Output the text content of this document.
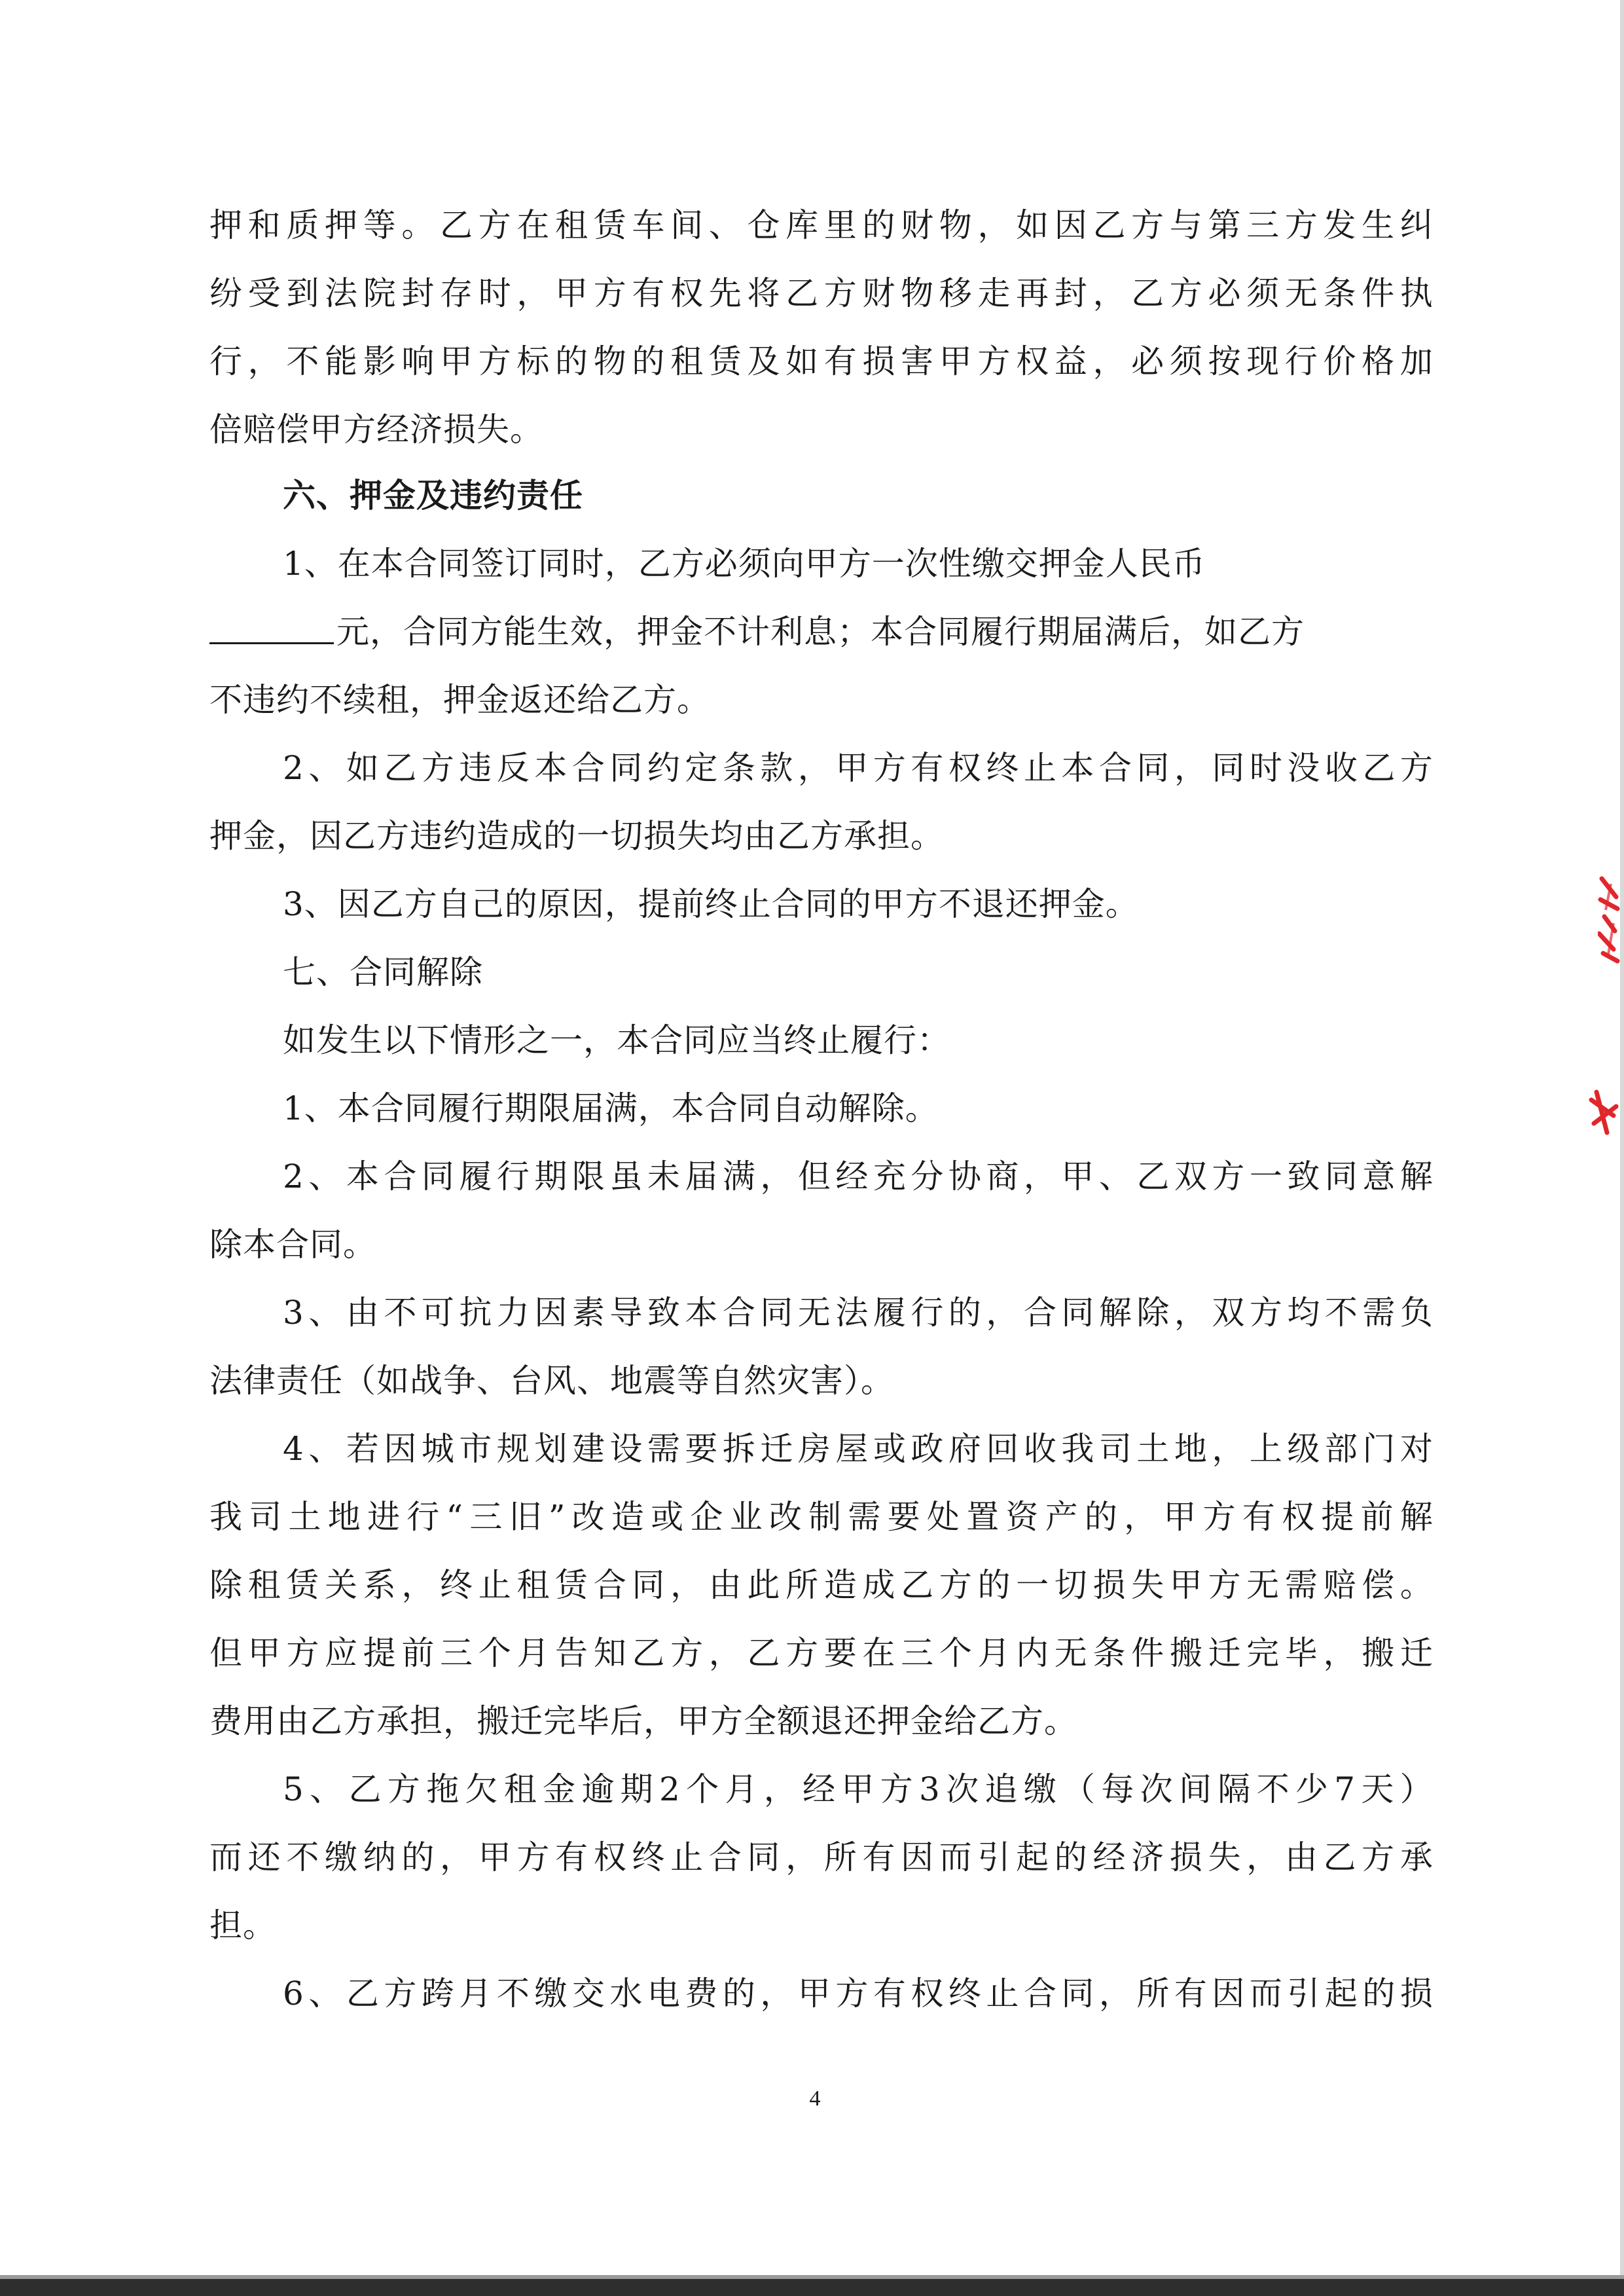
押 和 质 押 等 。 乙 方 在 租 赁 车 间 、 仓 库 里 的 财 物 ， 如 因 乙 方 与 第 三 方 发 生 纠
纷 受 到 法 院 封 存 时 ， 甲 方 有 权 先 将 乙 方 财 物 移 走 再 封 ， 乙 方 必 须 无 条 件 执
行 ， 不 能 影 响 甲 方 标 的 物 的 租 赁 及 如 有 损 害 甲 方 权 益 ， 必 须 按 现 行 价 格 加
倍赔偿甲方经济损失。
六、押金及违约责任
1、在本合同签订同时，乙方必须向甲方一次性缴交押金人民币
元，合同方能生效，押金不计利息；本合同履行期届满后，如乙方
不违约不续租，押金返还给乙方。
2 、 如 乙 方 违 反 本 合 同 约 定 条 款 ， 甲 方 有 权 终 止 本 合 同 ， 同 时 没 收 乙 方
押金，因乙方违约造成的一切损失均由乙方承担。
3、因乙方自己的原因，提前终止合同的甲方不退还押金。
七、合同解除
如发生以下情形之一，本合同应当终止履行：
1、本合同履行期限届满，本合同自动解除。
2 、 本 合 同 履 行 期 限 虽 未 届 满 ， 但 经 充 分 协 商 ， 甲 、 乙 双 方 一 致 同 意 解
除本合同。
3 、 由 不 可 抗 力 因 素 导 致 本 合 同 无 法 履 行 的 ， 合 同 解 除 ， 双 方 均 不 需 负
法律责任（如战争、台风、地震等自然灾害）。
4 、 若 因 城 市 规 划 建 设 需 要 拆 迁 房 屋 或 政 府 回 收 我 司 土 地 ， 上 级 部 门 对
我 司 土 地 进 行 “ 三 旧 ” 改 造 或 企 业 改 制 需 要 处 置 资 产 的 ， 甲 方 有 权 提 前 解
除 租 赁 关 系 ， 终 止 租 赁 合 同 ， 由 此 所 造 成 乙 方 的 一 切 损 失 甲 方 无 需 赔 偿 。
但 甲 方 应 提 前 三 个 月 告 知 乙 方 ， 乙 方 要 在 三 个 月 内 无 条 件 搬 迁 完 毕 ， 搬 迁
费用由乙方承担，搬迁完毕后，甲方全额退还押金给乙方。
5 、 乙 方 拖 欠 租 金 逾 期 2 个 月 ， 经 甲 方 3 次 追 缴 （ 每 次 间 隔 不 少 7 天 ）
而 还 不 缴 纳 的 ， 甲 方 有 权 终 止 合 同 ， 所 有 因 而 引 起 的 经 济 损 失 ， 由 乙 方 承
担。
6 、 乙 方 跨 月 不 缴 交 水 电 费 的 ， 甲 方 有 权 终 止 合 同 ， 所 有 因 而 引 起 的 损
4
